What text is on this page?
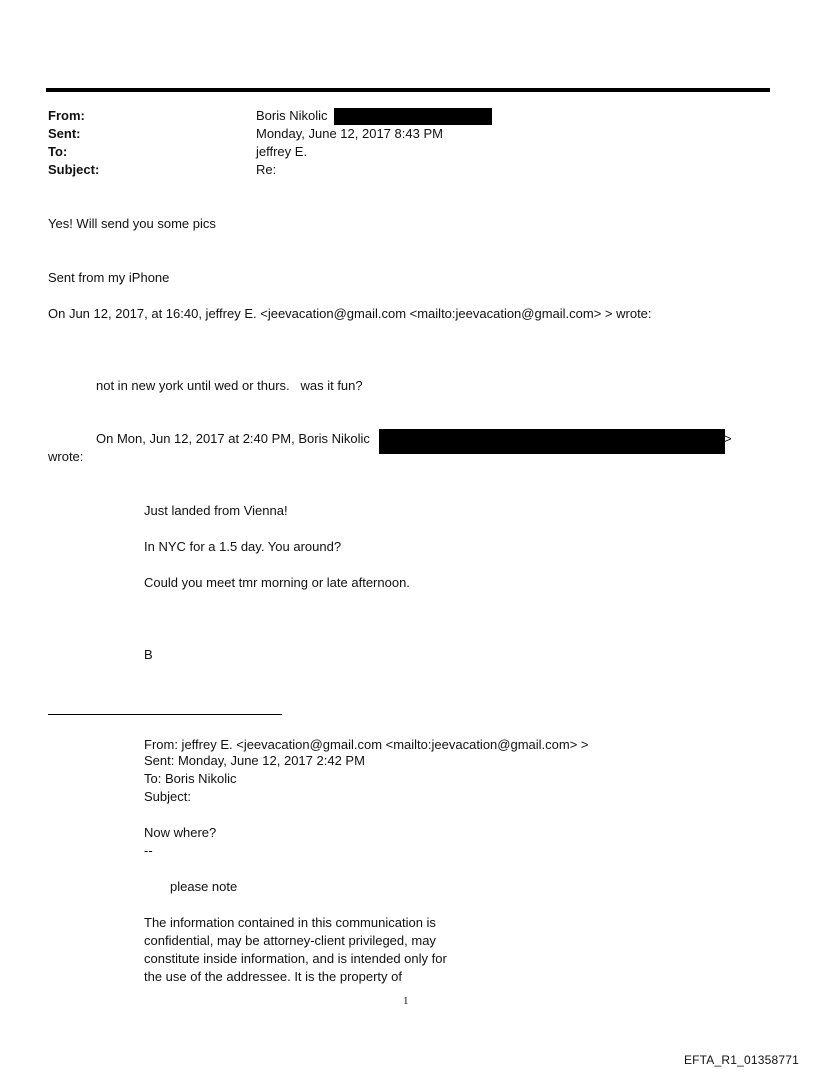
From:	Boris Nikolic
Sent:	Monday, June 12, 2017 8:43 PM
To:	jeffrey E.
Subject:	Re:
Yes! Will send you some pics
Sent from my iPhone
On Jun 12, 2017, at 16:40, jeffrey E. <jeevacation@gmail.com <mailto:jeevacation@gmail.com> > wrote:
not in new york until wed or thurs.   was it fun?
On Mon, Jun 12, 2017 at 2:40 PM, Boris Nikolic	>
wrote:
Just landed from Vienna!
In NYC for a 1.5 day. You around?
Could you meet tmr morning or late afternoon.
B
From: jeffrey E. <jeevacation@gmail.com <mailto:jeevacation@gmail.com> >
Sent: Monday, June 12, 2017 2:42 PM
To: Boris Nikolic
Subject:
Now where?
--
please note
The information contained in this communication is
confidential, may be attorney-client privileged, may
constitute inside information, and is intended only for
the use of the addressee. It is the property of
1
EFTA_R1_01358771
